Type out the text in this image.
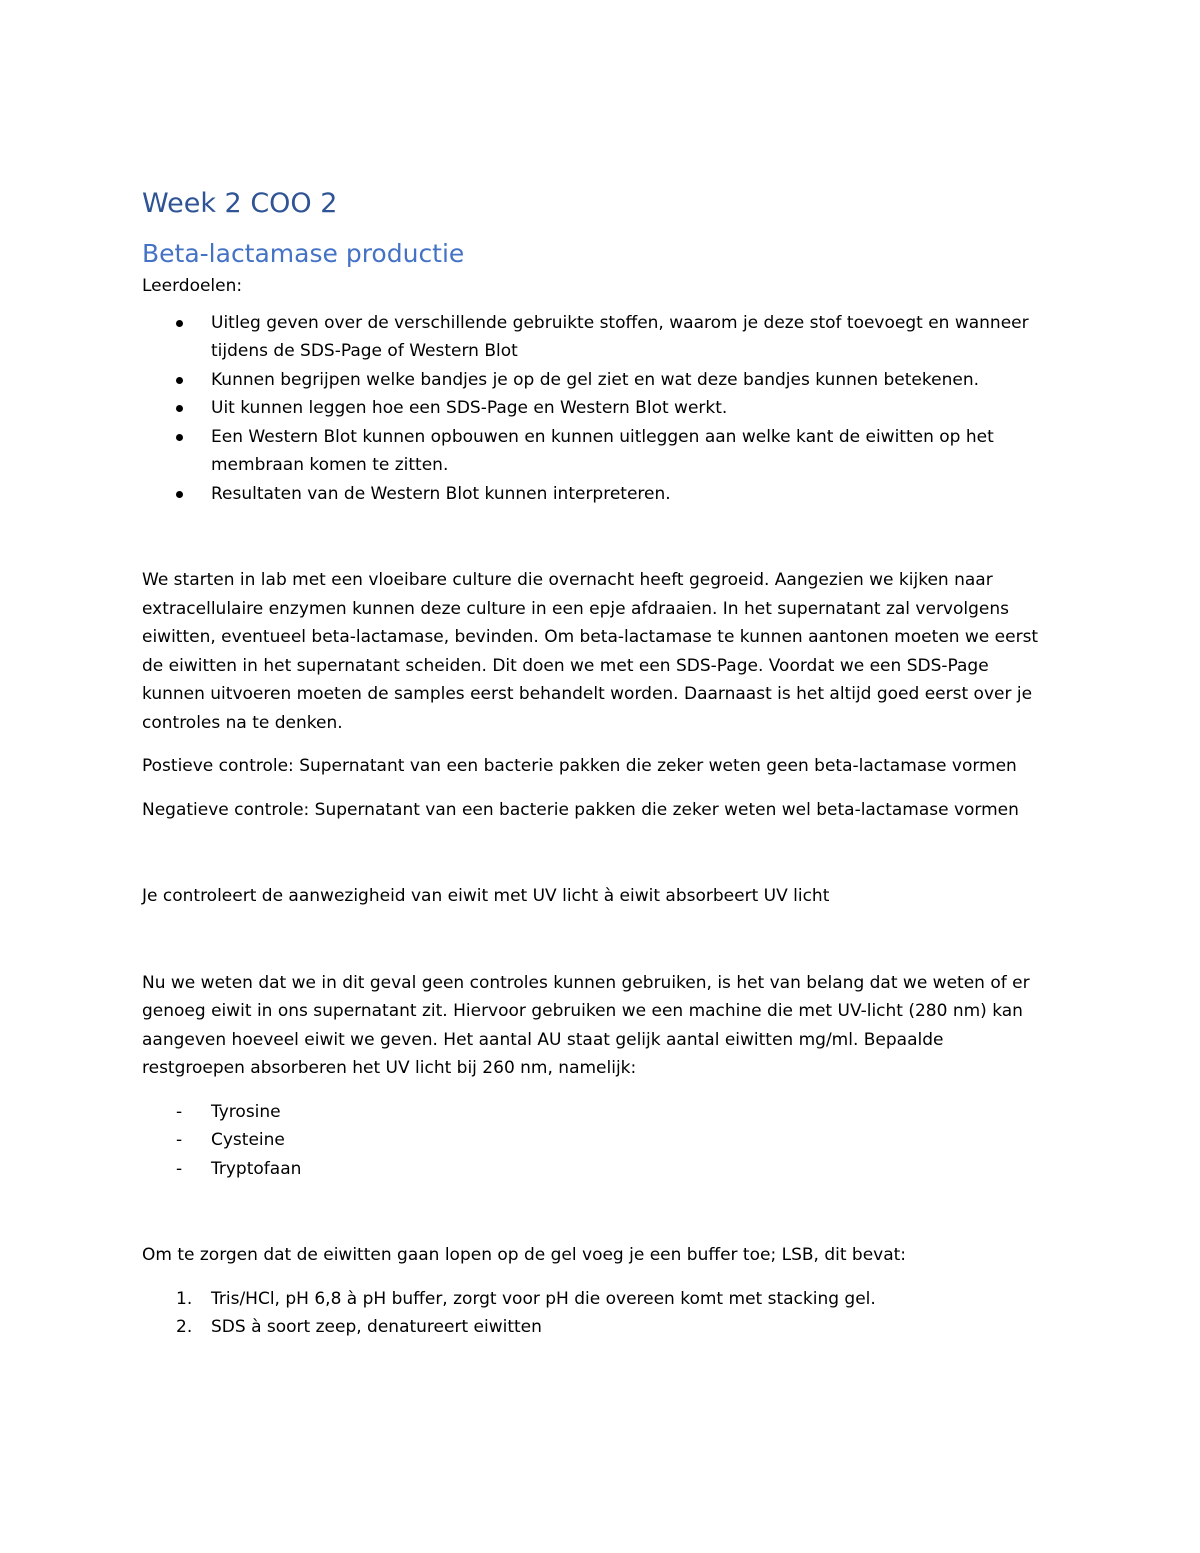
Week 2 COO 2
Beta-lactamase productie

Leerdoelen:

Uitleg geven over de verschillende gebruikte stoffen, waarom je deze stof toevoegt en wanneer
tijdens de SDS-Page of Western Blot
Kunnen begrijpen welke bandjes je op de gel ziet en wat deze bandjes kunnen betekenen.
Uit kunnen leggen hoe een SDS-Page en Western Blot werkt.
Een Western Blot kunnen opbouwen en kunnen uitleggen aan welke kant de eiwitten op het
membraan komen te zitten.
Resultaten van de Western Blot kunnen interpreteren.

We starten in lab met een vloeibare culture die overnacht heeft gegroeid. Aangezien we kijken naar

extracellulaire enzymen kunnen deze culture in een epje afdraaien. In het supernatant zal vervolgens

eiwitten, eventueel beta-lactamase, bevinden. Om beta-lactamase te kunnen aantonen moeten we eerst

de eiwitten in het supernatant scheiden. Dit doen we met een SDS-Page. Voordat we een SDS-Page

kunnen uitvoeren moeten de samples eerst behandelt worden. Daarnaast is het altijd goed eerst over je

controles na te denken.

Postieve controle: Supernatant van een bacterie pakken die zeker weten geen beta-lactamase vormen

Negatieve controle: Supernatant van een bacterie pakken die zeker weten wel beta-lactamase vormen

Je controleert de aanwezigheid van eiwit met UV licht à eiwit absorbeert UV licht

Nu we weten dat we in dit geval geen controles kunnen gebruiken, is het van belang dat we weten of er

genoeg eiwit in ons supernatant zit. Hiervoor gebruiken we een machine die met UV-licht (280 nm) kan

aangeven hoeveel eiwit we geven. Het aantal AU staat gelijk aantal eiwitten mg/ml. Bepaalde

restgroepen absorberen het UV licht bij 260 nm, namelijk:

- Tyrosine
- Cysteine
- Tryptofaan

Om te zorgen dat de eiwitten gaan lopen op de gel voeg je een buffer toe; LSB, dit bevat:

1. Tris/HCl, pH 6,8 à pH buffer, zorgt voor pH die overeen komt met stacking gel.
2. SDS à soort zeep, denatureert eiwitten
